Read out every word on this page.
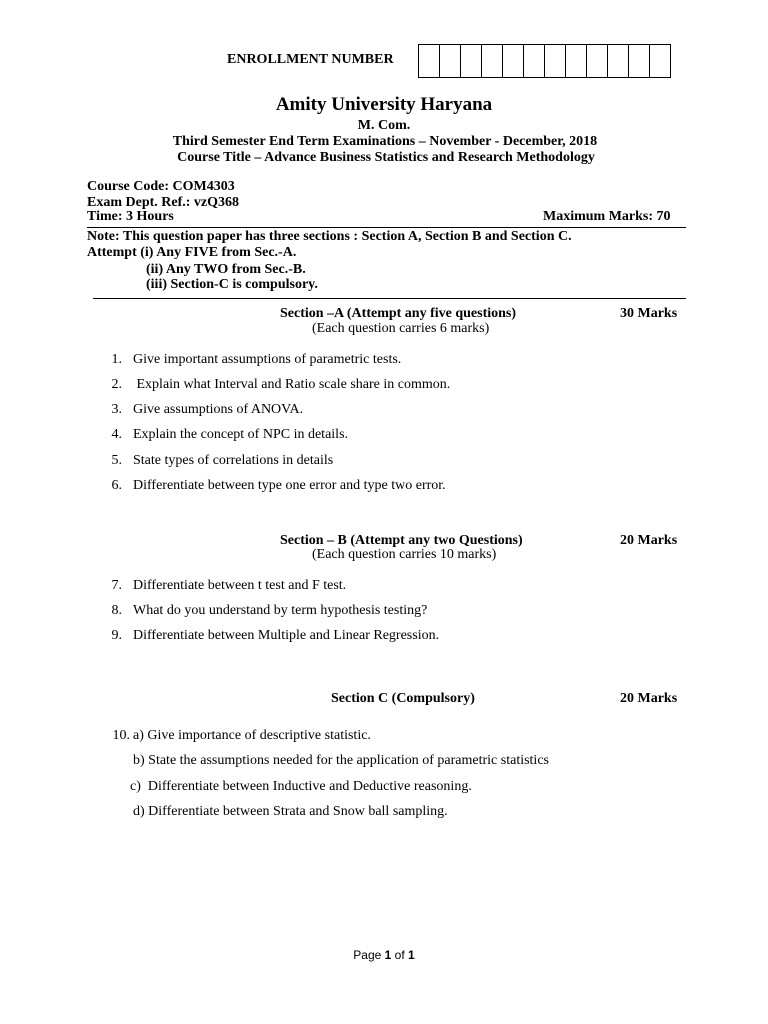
ENROLLMENT NUMBER
Amity University Haryana
M. Com.
Third Semester End Term Examinations – November - December, 2018
Course Title – Advance Business Statistics and Research Methodology
Course Code: COM4303
Exam Dept. Ref.: vzQ368
Time: 3 Hours	Maximum Marks: 70
Note: This question paper has three sections : Section A, Section B and Section C.
Attempt (i) Any FIVE from Sec.-A.
(ii) Any TWO from Sec.-B.
(iii) Section-C is compulsory.
Section –A (Attempt any five questions)
(Each question carries 6 marks)
30 Marks
1. Give important assumptions of parametric tests.
2. Explain what Interval and Ratio scale share in common.
3. Give assumptions of ANOVA.
4. Explain the concept of NPC in details.
5. State types of correlations in details
6. Differentiate between type one error and type two error.
Section – B (Attempt any two Questions)
(Each question carries 10 marks)
20 Marks
7. Differentiate between t test and F test.
8. What do you understand by term hypothesis testing?
9. Differentiate between Multiple and Linear Regression.
Section C (Compulsory)	20 Marks
10. a) Give importance of descriptive statistic.
b) State the assumptions needed for the application of parametric statistics
c)  Differentiate between Inductive and Deductive reasoning.
d) Differentiate between Strata and Snow ball sampling.
Page 1 of 1
